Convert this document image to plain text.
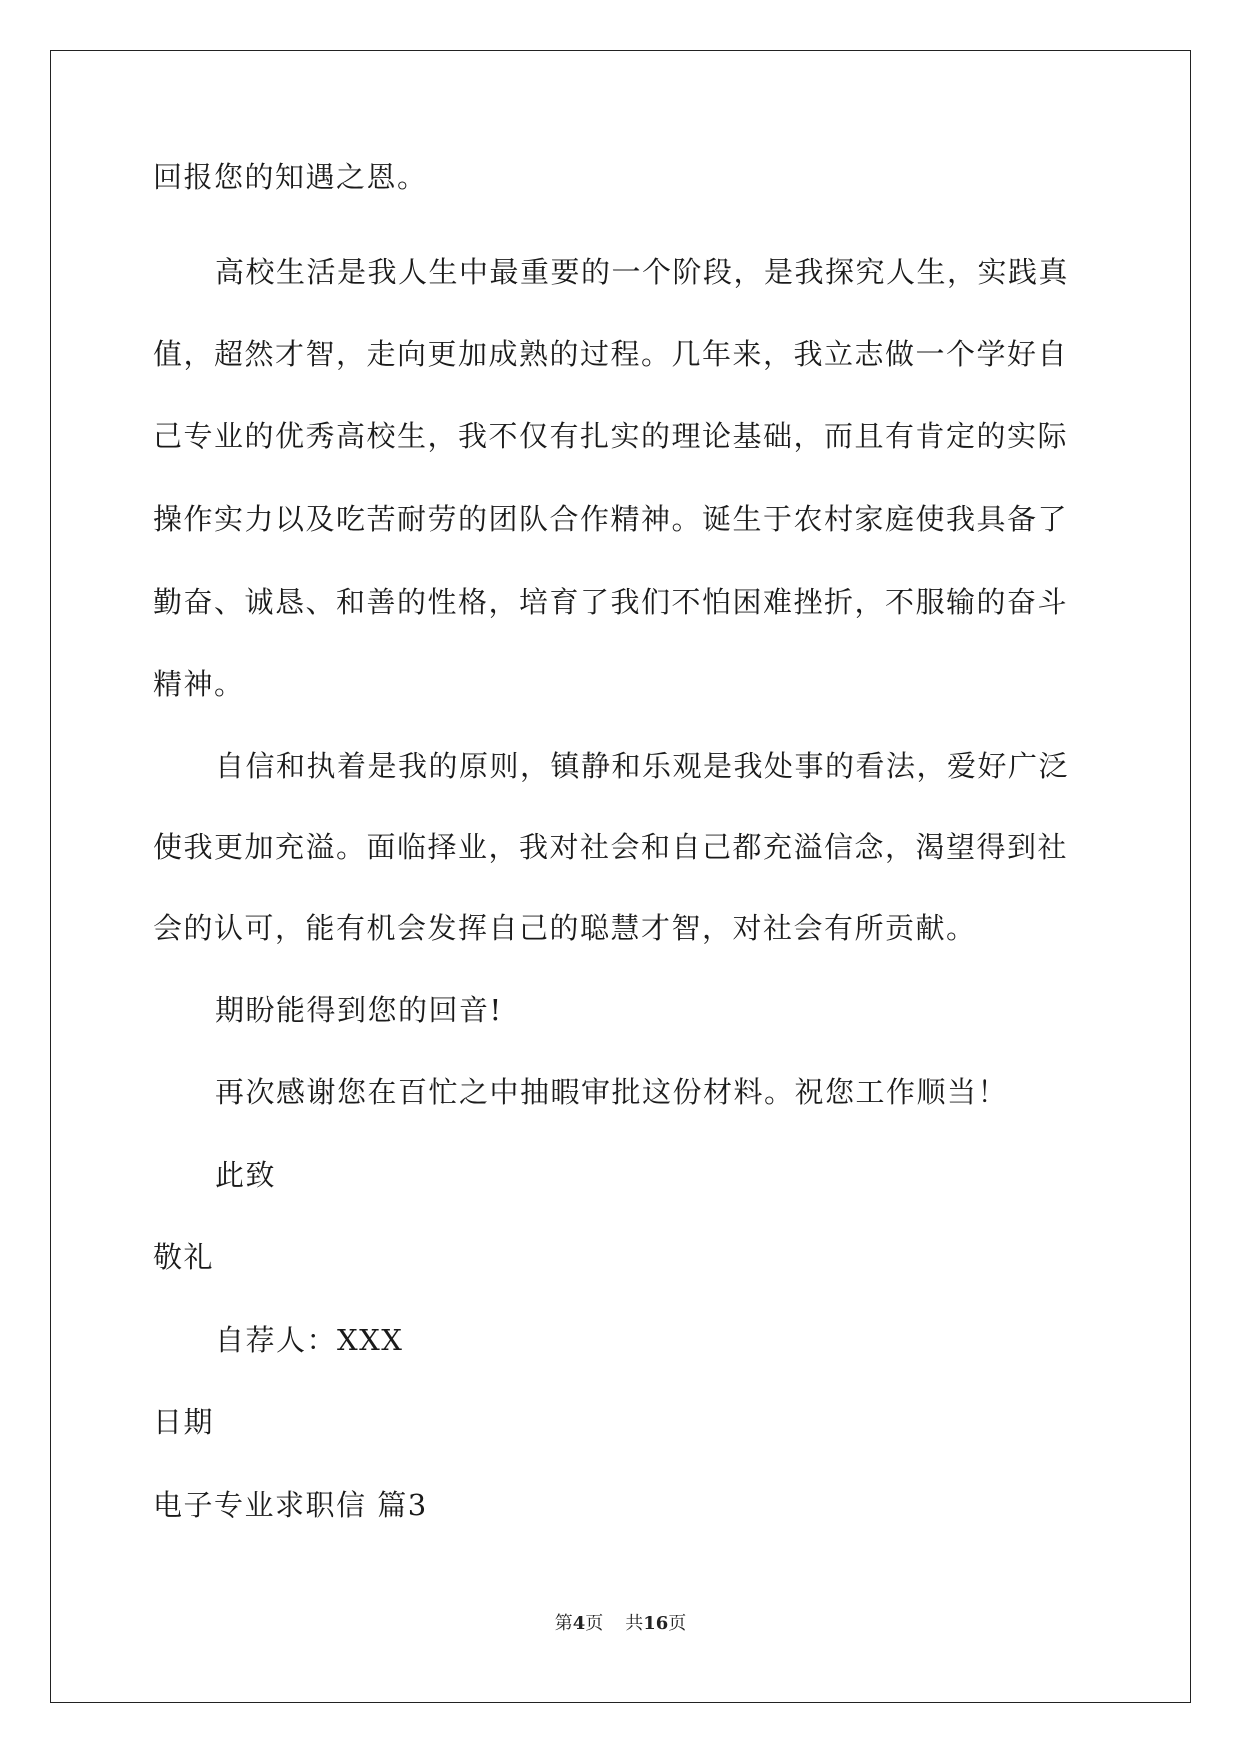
回报您的知遇之恩。
高校生活是我人生中最重要的一个阶段，是我探究人生，实践真
值，超然才智，走向更加成熟的过程。几年来，我立志做一个学好自
己专业的优秀高校生，我不仅有扎实的理论基础，而且有肯定的实际
操作实力以及吃苦耐劳的团队合作精神。诞生于农村家庭使我具备了
勤奋、诚恳、和善的性格，培育了我们不怕困难挫折，不服输的奋斗
精神。
自信和执着是我的原则，镇静和乐观是我处事的看法，爱好广泛
使我更加充溢。面临择业，我对社会和自己都充溢信念，渴望得到社
会的认可，能有机会发挥自己的聪慧才智，对社会有所贡献。
期盼能得到您的回音!
再次感谢您在百忙之中抽暇审批这份材料。祝您工作顺当！
此致
敬礼
自荐人：XXX
日期
电子专业求职信 篇3
第4页 共16页
